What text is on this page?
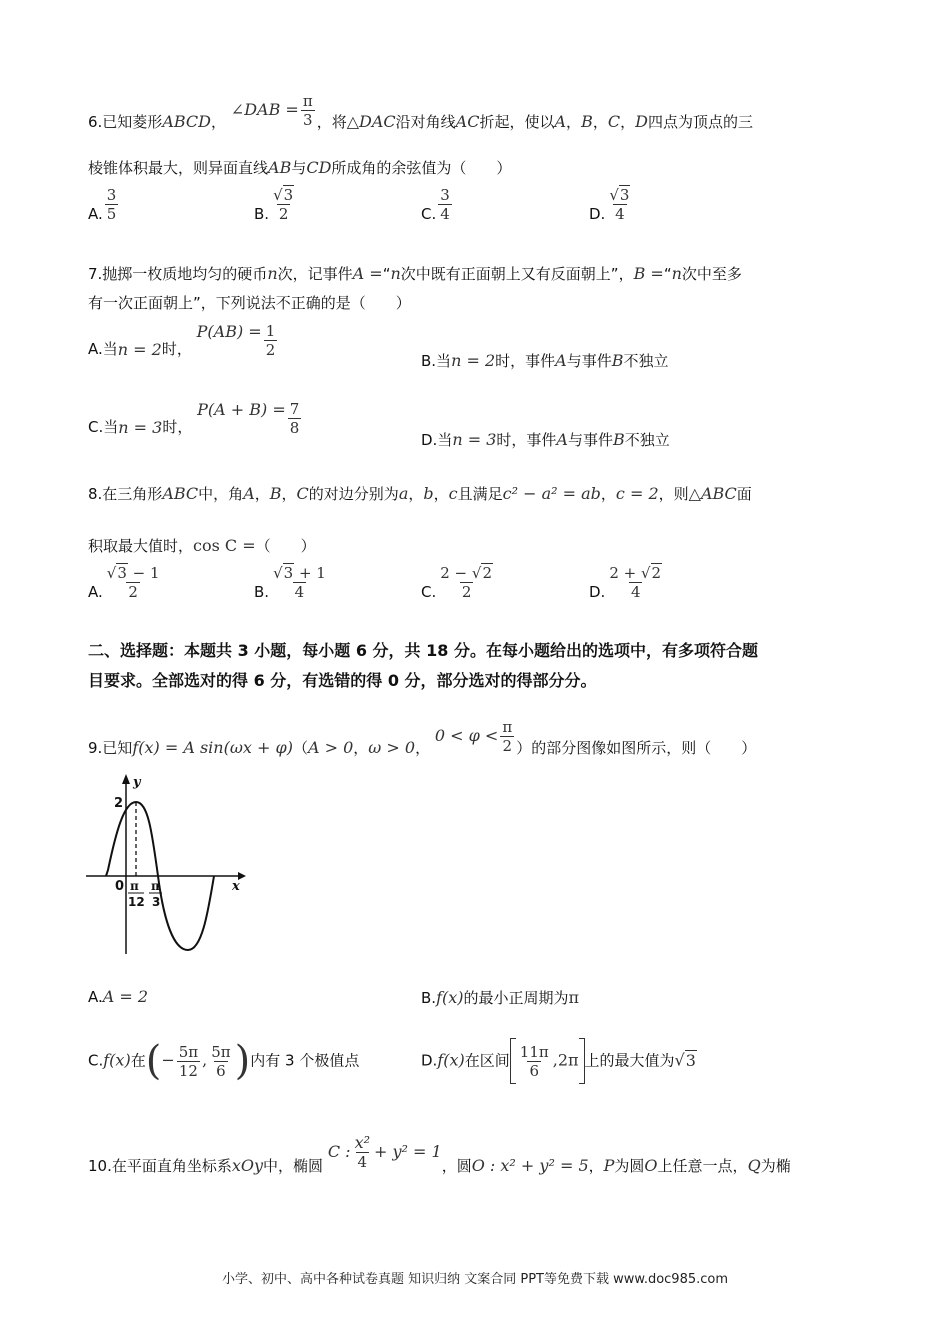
6.已知菱形ABCD， ∠DAB = $\frac{\pi}{3}$ ，将△DAC沿对角线AC折起，使以A，B，C，D四点为顶点的三
棱锥体积最大，则异面直线AB与CD所成角的余弦值为（　　）
A. $\frac{3}{5}$	B. $\frac{√3}{2}$	C. $\frac{3}{4}$	D. $\frac{√3}{4}$
7.抛掷一枚质地均匀的硬币n次，记事件A =“n次中既有正面朝上又有反面朝上”，B =“n次中至多
有一次正面朝上”，下列说法不正确的是（　　）
A.当n = 2时， $P(AB) = \frac{1}{2}$
B.当n = 2时，事件A与事件B不独立
C.当n = 3时， $P(A + B) = \frac{7}{8}$
D.当n = 3时，事件A与事件B不独立
8.在三角形ABC中，角A，B，C的对边分别为a，b，c且满足c² − a² = ab，c = 2，则△ABC面
积取最大值时，cos C =（　　）
A. $\frac{√3 - 1}{2}$	B. $\frac{√3 + 1}{4}$	C. $\frac{2 - √2}{2}$	D. $\frac{2 + √2}{4}$
二、选择题：本题共 3 小题，每小题 6 分，共 18 分。在每小题给出的选项中，有多项符合题
目要求。全部选对的得 6 分，有选错的得 0 分，部分选对的得部分分。
9.已知f(x) = A sin(ωx + φ)（A > 0，ω > 0， $0 < \varphi < \frac{\pi}{2}$ ）的部分图像如图所示，则（　　）
y
x
2
0 π
12
π
3
A.A = 2	B.f(x)的最小正周期为π
C.f(x)在(− $\frac{5\pi}{12}$ , $\frac{5\pi}{6}$ )内有 3 个极值点	D.f(x)在区间 $\frac{11\pi}{6} ,2\pi$ 上的最大值为√3
10.在平面直角坐标系xOy中，椭圆 C : $\frac{\text{x²}}{4} + y^2 = 1$，圆O : x² + y² = 5，P为圆O上任意一点，Q为椭
小学、初中、高中各种试卷真题 知识归纳 文案合同 PPT等免费下载 www.doc985.com
